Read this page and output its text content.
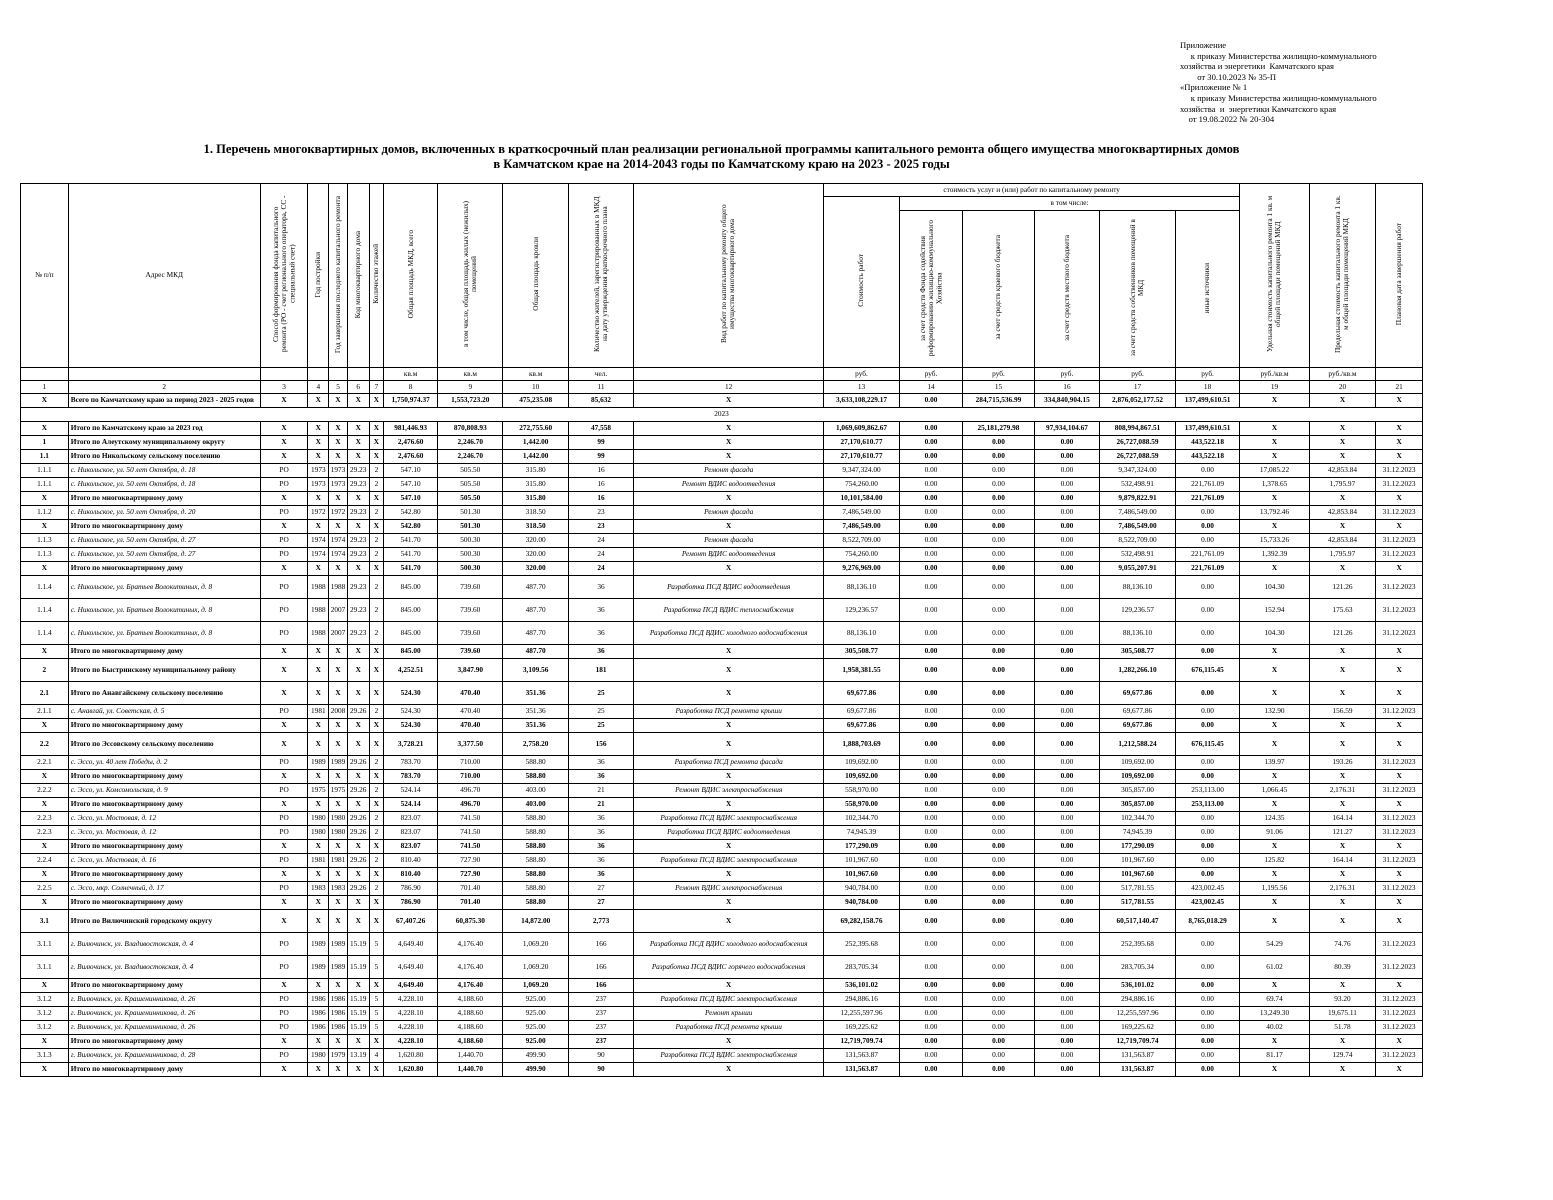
Приложение
к приказу Министерства жилищно-коммунального
хозяйства и энергетики  Камчатского края
от 30.10.2023 № 35-П
«Приложение № 1
к приказу Министерства жилищно-коммунального
хозяйства  и  энергетики Камчатского края
от 19.08.2022 № 20-304
1. Перечень многоквартирных домов, включенных в краткосрочный план реализации региональной программы капитального ремонта общего имущества многоквартирных домов
в Камчатском крае на 2014-2043 годы по Камчатскому краю на 2023 - 2025 годы
№ п/п	Адрес МКД	Способ формирования фонда капитального ремонта (РО - счет регионального оператора, СС - специальный счет)	Год постройки	Год завершения последнего капитального ремонта	Код многоквартирного дома	Количество этажей	Общая площадь МКД, всего	в том числе, общая площадь жилых (нежилых) помещений	Общая площадь кровли	Количество жителей, зарегистрированных в МКД на дату утверждения краткосрочного плана	Вид работ по капитальному ремонту общего имущества многоквартирного дома	стоимость услуг и (или) работ по капитальному ремонту						Удельная стоимость капитального ремонта 1 кв. м общей площади помещений МКД	Предельная стоимость капитального ремонта 1 кв. м общей площади помещений МКД	Плановая дата завершения работ
												Стоимость работ	в том числе:							
													за счет средств Фонда содействия реформированию жилищно-коммунального Хозяйства	за счет средств краевого бюджета	за счет средств местного бюджета	за счет средств собственников помещений в МКД	иные источники			
							кв.м	кв.м	кв.м	чел.		руб.	руб.	руб.	руб.	руб.	руб.	руб./кв.м	руб./кв.м	
1	2	3	4	5	6	7	8	9	10	11	12	13	14	15	16	17	18	19	20	21
X	Всего по Камчатскому краю за период 2023 - 2025 годов	X	X	X	X	X	1,750,974.37	1,553,723.20	475,235.08	85,632	X	3,633,108,229.17	0.00	284,715,536.99	334,840,904.15	2,876,052,177.52	137,499,610.51	X	X	X
2023																				
X	Итого по Камчатскому краю за 2023 год	X	X	X	X	X	981,446.93	870,808.93	272,755.60	47,558	X	1,069,609,862.67	0.00	25,181,279.98	97,934,104.67	808,994,867.51	137,499,610.51	X	X	X
1	Итого по Алеутскому муниципальному округу	X	X	X	X	X	2,476.60	2,246.70	1,442.00	99	X	27,170,610.77	0.00	0.00	0.00	26,727,088.59	443,522.18	X	X	X
1.1	Итого по Никольскому сельскому поселению	X	X	X	X	X	2,476.60	2,246.70	1,442.00	99	X	27,170,610.77	0.00	0.00	0.00	26,727,088.59	443,522.18	X	X	X
1.1.1	с. Никольское, ул. 50 лет Октября, д. 18	РО	1973	1973	29.23	2	547.10	505.50	315.80	16	Ремонт фасада	9,347,324.00	0.00	0.00	0.00	9,347,324.00	0.00	17,085.22	42,853.84	31.12.2023
1.1.1	с. Никольское, ул. 50 лет Октября, д. 18	РО	1973	1973	29.23	2	547.10	505.50	315.80	16	Ремонт ВДИС водоотведения	754,260.00	0.00	0.00	0.00	532,498.91	221,761.09	1,378.65	1,795.97	31.12.2023
X	Итого по многоквартирному дому	X	X	X	X	X	547.10	505.50	315.80	16	X	10,101,584.00	0.00	0.00	0.00	9,879,822.91	221,761.09	X	X	X
1.1.2	с. Никольское, ул. 50 лет Октября, д. 20	РО	1972	1972	29.23	2	542.80	501.30	318.50	23	Ремонт фасада	7,486,549.00	0.00	0.00	0.00	7,486,549.00	0.00	13,792.46	42,853.84	31.12.2023
X	Итого по многоквартирному дому	X	X	X	X	X	542.80	501.30	318.50	23	X	7,486,549.00	0.00	0.00	0.00	7,486,549.00	0.00	X	X	X
1.1.3	с. Никольское, ул. 50 лет Октября, д. 27	РО	1974	1974	29.23	2	541.70	500.30	320.00	24	Ремонт фасада	8,522,709.00	0.00	0.00	0.00	8,522,709.00	0.00	15,733.26	42,853.84	31.12.2023
1.1.3	с. Никольское, ул. 50 лет Октября, д. 27	РО	1974	1974	29.23	2	541.70	500.30	320.00	24	Ремонт ВДИС водоотведения	754,260.00	0.00	0.00	0.00	532,498.91	221,761.09	1,392.39	1,795.97	31.12.2023
X	Итого по многоквартирному дому	X	X	X	X	X	541.70	500.30	320.00	24	X	9,276,969.00	0.00	0.00	0.00	9,055,207.91	221,761.09	X	X	X
1.1.4	с. Никольское, ул. Братьев Волокитиных, д. 8	РО	1988	1988	29.23	2	845.00	739.60	487.70	36	Разработка ПСД ВДИС водоотведения	88,136.10	0.00	0.00	0.00	88,136.10	0.00	104.30	121.26	31.12.2023
1.1.4	с. Никольское, ул. Братьев Волокитиных, д. 8	РО	1988	2007	29.23	2	845.00	739.60	487.70	36	Разработка ПСД ВДИС теплоснабжения	129,236.57	0.00	0.00	0.00	129,236.57	0.00	152.94	175.63	31.12.2023
1.1.4	с. Никольское, ул. Братьев Волокитиных, д. 8	РО	1988	2007	29.23	2	845.00	739.60	487.70	36	Разработка ПСД ВДИС холодного водоснабжения	88,136.10	0.00	0.00	0.00	88,136.10	0.00	104.30	121.26	31.12.2023
X	Итого по многоквартирному дому	X	X	X	X	X	845.00	739.60	487.70	36	X	305,508.77	0.00	0.00	0.00	305,508.77	0.00	X	X	X
2	Итого по Быстринскому муниципальному району	X	X	X	X	X	4,252.51	3,847.90	3,109.56	181	X	1,958,381.55	0.00	0.00	0.00	1,282,266.10	676,115.45	X	X	X
2.1	Итого по Анавгайскому сельскому поселению	X	X	X	X	X	524.30	470.40	351.36	25	X	69,677.86	0.00	0.00	0.00	69,677.86	0.00	X	X	X
2.1.1	с. Анавгай, ул. Советская, д. 5	РО	1981	2008	29.26	2	524.30	470.40	351.36	25	Разработка ПСД ремонта крыши	69,677.86	0.00	0.00	0.00	69,677.86	0.00	132.90	156.59	31.12.2023
X	Итого по многоквартирному дому	X	X	X	X	X	524.30	470.40	351.36	25	X	69,677.86	0.00	0.00	0.00	69,677.86	0.00	X	X	X
2.2	Итого по Эссовскому сельскому поселению	X	X	X	X	X	3,728.21	3,377.50	2,758.20	156	X	1,888,703.69	0.00	0.00	0.00	1,212,588.24	676,115.45	X	X	X
2.2.1	с. Эссо, ул. 40 лет Победы, д. 2	РО	1989	1989	29.26	2	783.70	710.00	588.80	36	Разработка ПСД ремонта фасада	109,692.00	0.00	0.00	0.00	109,692.00	0.00	139.97	193.26	31.12.2023
X	Итого по многоквартирному дому	X	X	X	X	X	783.70	710.00	588.80	36	X	109,692.00	0.00	0.00	0.00	109,692.00	0.00	X	X	X
2.2.2	с. Эссо, ул. Комсомольская, д. 9	РО	1975	1975	29.26	2	524.14	496.70	403.00	21	Ремонт ВДИС электроснабжения	558,970.00	0.00	0.00	0.00	305,857.00	253,113.00	1,066.45	2,176.31	31.12.2023
X	Итого по многоквартирному дому	X	X	X	X	X	524.14	496.70	403.00	21	X	558,970.00	0.00	0.00	0.00	305,857.00	253,113.00	X	X	X
2.2.3	с. Эссо, ул. Мостовая, д. 12	РО	1980	1980	29.26	2	823.07	741.50	588.80	36	Разработка ПСД ВДИС электроснабжения	102,344.70	0.00	0.00	0.00	102,344.70	0.00	124.35	164.14	31.12.2023
2.2.3	с. Эссо, ул. Мостовая, д. 12	РО	1980	1980	29.26	2	823.07	741.50	588.80	36	Разработка ПСД ВДИС водоотведения	74,945.39	0.00	0.00	0.00	74,945.39	0.00	91.06	121.27	31.12.2023
X	Итого по многоквартирному дому	X	X	X	X	X	823.07	741.50	588.80	36	X	177,290.09	0.00	0.00	0.00	177,290.09	0.00	X	X	X
2.2.4	с. Эссо, ул. Мостовая, д. 16	РО	1981	1981	29.26	2	810.40	727.90	588.80	36	Разработка ПСД ВДИС электроснабжения	101,967.60	0.00	0.00	0.00	101,967.60	0.00	125.82	164.14	31.12.2023
X	Итого по многоквартирному дому	X	X	X	X	X	810.40	727.90	588.80	36	X	101,967.60	0.00	0.00	0.00	101,967.60	0.00	X	X	X
2.2.5	с. Эссо, мкр. Солнечный, д. 17	РО	1983	1983	29.26	2	786.90	701.40	588.80	27	Ремонт ВДИС электроснабжения	940,784.00	0.00	0.00	0.00	517,781.55	423,002.45	1,195.56	2,176.31	31.12.2023
X	Итого по многоквартирному дому	X	X	X	X	X	786.90	701.40	588.80	27	X	940,784.00	0.00	0.00	0.00	517,781.55	423,002.45	X	X	X
3.1	Итого по Вилючинский городскому округу	X	X	X	X	X	67,407.26	60,875.30	14,872.00	2,773	X	69,282,158.76	0.00	0.00	0.00	60,517,140.47	8,765,018.29	X	X	X
3.1.1	г. Вилючинск, ул. Владивостокская, д. 4	РО	1989	1989	15.19	5	4,649.40	4,176.40	1,069.20	166	Разработка ПСД ВДИС холодного водоснабжения	252,395.68	0.00	0.00	0.00	252,395.68	0.00	54.29	74.76	31.12.2023
3.1.1	г. Вилючинск, ул. Владивостокская, д. 4	РО	1989	1989	15.19	5	4,649.40	4,176.40	1,069.20	166	Разработка ПСД ВДИС горячего водоснабжения	283,705.34	0.00	0.00	0.00	283,705.34	0.00	61.02	80.39	31.12.2023
X	Итого по многоквартирному дому	X	X	X	X	X	4,649.40	4,176.40	1,069.20	166	X	536,101.02	0.00	0.00	0.00	536,101.02	0.00	X	X	X
3.1.2	г. Вилючинск, ул. Крашенинникова, д. 26	РО	1986	1986	15.19	5	4,228.10	4,188.60	925.00	237	Разработка ПСД ВДИС электроснабжения	294,886.16	0.00	0.00	0.00	294,886.16	0.00	69.74	93.20	31.12.2023
3.1.2	г. Вилючинск, ул. Крашенинникова, д. 26	РО	1986	1986	15.19	5	4,228.10	4,188.60	925.00	237	Ремонт крыши	12,255,597.96	0.00	0.00	0.00	12,255,597.96	0.00	13,249.30	19,675.11	31.12.2023
3.1.2	г. Вилючинск, ул. Крашенинникова, д. 26	РО	1986	1986	15.19	5	4,228.10	4,188.60	925.00	237	Разработка ПСД ремонта крыши	169,225.62	0.00	0.00	0.00	169,225.62	0.00	40.02	51.78	31.12.2023
X	Итого по многоквартирному дому	X	X	X	X	X	4,228.10	4,188.60	925.00	237	X	12,719,709.74	0.00	0.00	0.00	12,719,709.74	0.00	X	X	X
3.1.3	г. Вилючинск, ул. Крашенинникова, д. 28	РО	1980	1979	13.19	4	1,620.80	1,440.70	499.90	90	Разработка ПСД ВДИС электроснабжения	131,563.87	0.00	0.00	0.00	131,563.87	0.00	81.17	129.74	31.12.2023
X	Итого по многоквартирному дому	X	X	X	X	X	1,620.80	1,440.70	499.90	90	X	131,563.87	0.00	0.00	0.00	131,563.87	0.00	X	X	X
